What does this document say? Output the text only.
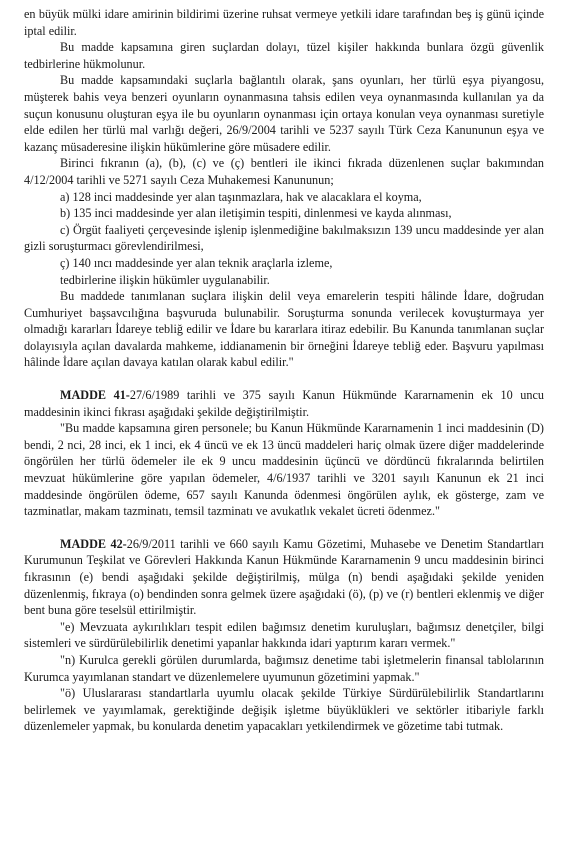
en büyük mülki idare amirinin bildirimi üzerine ruhsat vermeye yetkili idare tarafından beş iş günü içinde iptal edilir.

Bu madde kapsamına giren suçlardan dolayı, tüzel kişiler hakkında bunlara özgü güvenlik tedbirlerine hükmolunur.

Bu madde kapsamındaki suçlarla bağlantılı olarak, şans oyunları, her türlü eşya piyangosu, müşterek bahis veya benzeri oyunların oynanmasına tahsis edilen veya oynanmasında kullanılan ya da suçun konusunu oluşturan eşya ile bu oyunların oynanması için ortaya konulan veya oynanması suretiyle elde edilen her türlü mal varlığı değeri, 26/9/2004 tarihli ve 5237 sayılı Türk Ceza Kanununun eşya ve kazanç müsaderesine ilişkin hükümlerine göre müsadere edilir.

Birinci fıkranın (a), (b), (c) ve (ç) bentleri ile ikinci fıkrada düzenlenen suçlar bakımından 4/12/2004 tarihli ve 5271 sayılı Ceza Muhakemesi Kanununun;

a) 128 inci maddesinde yer alan taşınmazlara, hak ve alacaklara el koyma,

b) 135 inci maddesinde yer alan iletişimin tespiti, dinlenmesi ve kayda alınması,

c) Örgüt faaliyeti çerçevesinde işlenip işlenmediğine bakılmaksızın 139 uncu maddesinde yer alan gizli soruşturmacı görevlendirilmesi,

ç) 140 ıncı maddesinde yer alan teknik araçlarla izleme,

tedbirlerine ilişkin hükümler uygulanabilir.

Bu maddede tanımlanan suçlara ilişkin delil veya emarelerin tespiti hâlinde İdare, doğrudan Cumhuriyet başsavcılığına başvuruda bulunabilir. Soruşturma sonunda verilecek kovuşturmaya yer olmadığı kararları İdareye tebliğ edilir ve İdare bu kararlara itiraz edebilir. Bu Kanunda tanımlanan suçlar dolayısıyla açılan davalarda mahkeme, iddianamenin bir örneğini İdareye tebliğ eder. Başvuru yapılması hâlinde İdare açılan davaya katılan olarak kabul edilir."

MADDE 41-27/6/1989 tarihli ve 375 sayılı Kanun Hükmünde Kararnamenin ek 10 uncu maddesinin ikinci fıkrası aşağıdaki şekilde değiştirilmiştir.

"Bu madde kapsamına giren personele; bu Kanun Hükmünde Kararnamenin 1 inci maddesinin (D) bendi, 2 nci, 28 inci, ek 1 inci, ek 4 üncü ve ek 13 üncü maddeleri hariç olmak üzere diğer maddelerinde öngörülen her türlü ödemeler ile ek 9 uncu maddesinin üçüncü ve dördüncü fıkralarında belirtilen mevzuat hükümlerine göre yapılan ödemeler, 4/6/1937 tarihli ve 3201 sayılı Kanunun ek 21 inci maddesinde öngörülen ödeme, 657 sayılı Kanunda ödenmesi öngörülen aylık, ek gösterge, zam ve tazminatlar, makam tazminatı, temsil tazminatı ve avukatlık vekalet ücreti ödenmez."

MADDE 42-26/9/2011 tarihli ve 660 sayılı Kamu Gözetimi, Muhasebe ve Denetim Standartları Kurumunun Teşkilat ve Görevleri Hakkında Kanun Hükmünde Kararnamenin 9 uncu maddesinin birinci fıkrasının (e) bendi aşağıdaki şekilde değiştirilmiş, mülga (n) bendi aşağıdaki şekilde yeniden düzenlenmiş, fıkraya (o) bendinden sonra gelmek üzere aşağıdaki (ö), (p) ve (r) bentleri eklenmiş ve diğer bent buna göre teselsül ettirilmiştir.

"e) Mevzuata aykırılıkları tespit edilen bağımsız denetim kuruluşları, bağımsız denetçiler, bilgi sistemleri ve sürdürülebilirlik denetimi yapanlar hakkında idari yaptırım kararı vermek."

"n) Kurulca gerekli görülen durumlarda, bağımsız denetime tabi işletmelerin finansal tablolarının Kurumca yayımlanan standart ve düzenlemelere uyumunun gözetimini yapmak."

"ö) Uluslararası standartlarla uyumlu olacak şekilde Türkiye Sürdürülebilirlik Standartlarını belirlemek ve yayımlamak, gerektiğinde değişik işletme büyüklükleri ve sektörler itibariyle farklı düzenlemeler yapmak, bu konularda denetim yapacakları yetkilendirmek ve gözetime tabi tutmak.
